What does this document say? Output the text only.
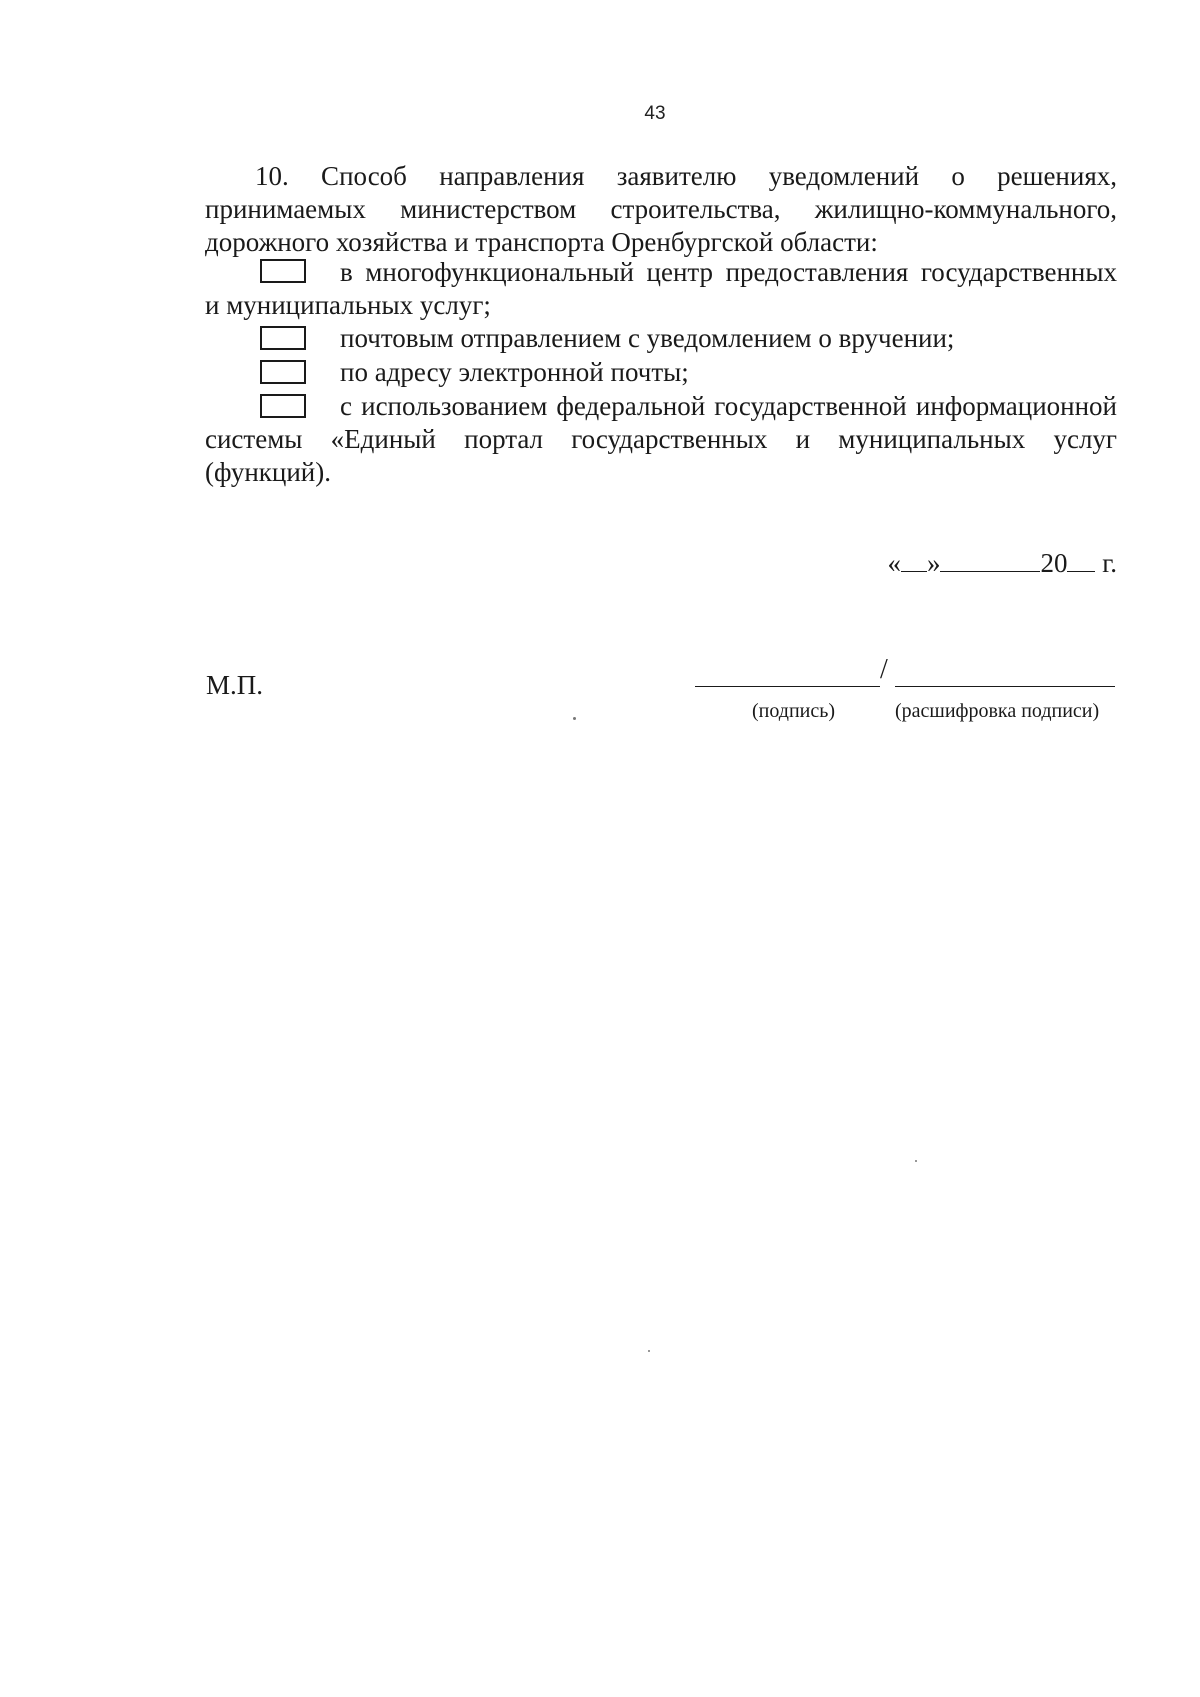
43
10. Способ направления заявителю уведомлений о решениях,
принимаемых министерством строительства, жилищно-коммунального,
дорожного хозяйства и транспорта Оренбургской области:
в многофункциональный центр предоставления государственных
и муниципальных услуг;
почтовым отправлением с уведомлением о вручении;
по адресу электронной почты;
с использованием федеральной государственной информационной
системы «Единый портал государственных и муниципальных услуг
(функций).
« »	20 г.
М.П.	/
(подпись)	(расшифровка подписи)
